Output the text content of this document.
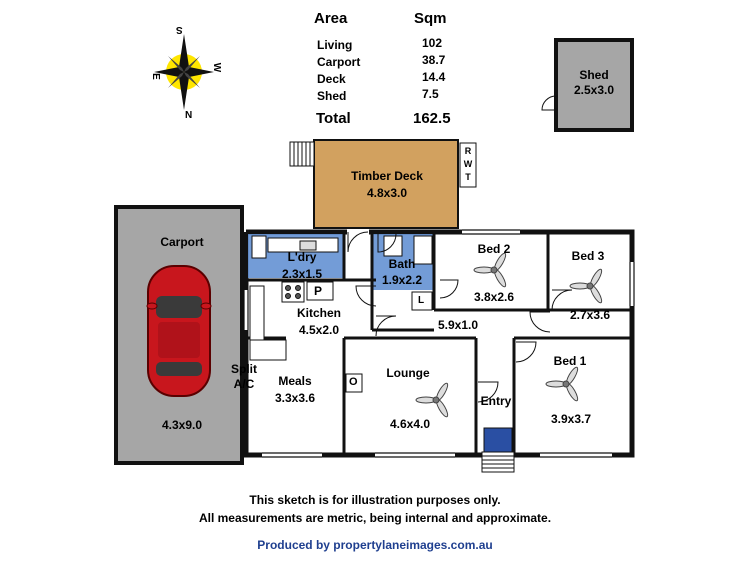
S
N
E
W
Area	Sqm
Living	102
Carport	38.7
Deck	14.4
Shed	7.5
Total	162.5
Shed
2.5x3.0
Timber Deck
4.8x3.0
R
W
T
Carport
4.3x9.0
L'dry
2.3x1.5
Bath
1.9x2.2
Bed 2
3.8x2.6
Bed 3
2.7x3.6
Kitchen
4.5x2.0	5.9x1.0
P
L
O
Bed 1
3.9x3.7
Split
A/C Meals
3.3x3.6
Lounge
4.6x4.0
Entry
This sketch is for illustration purposes only.
All measurements are metric, being internal and approximate.
Produced by propertylaneimages.com.au
